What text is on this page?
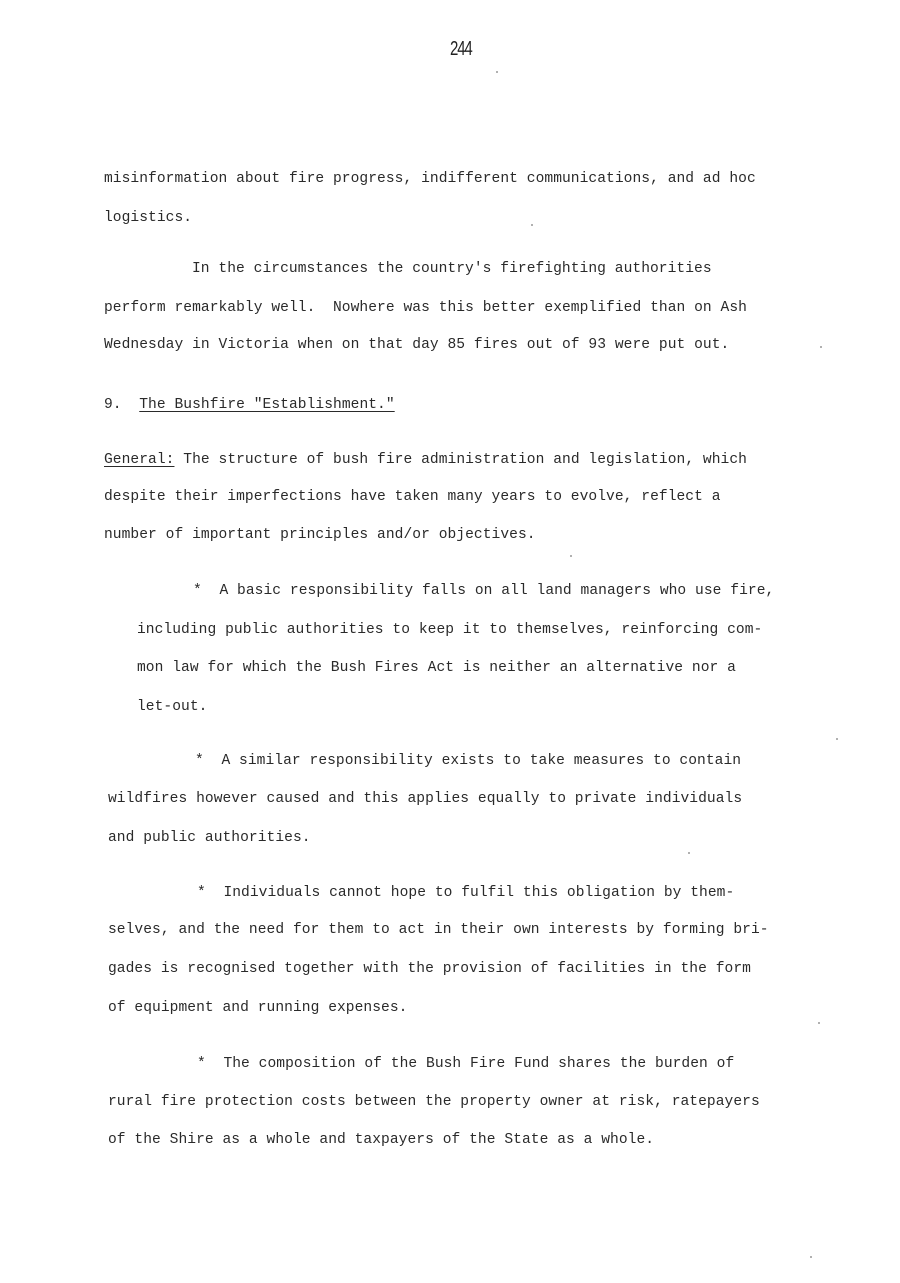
244
misinformation about fire progress, indifferent communications, and ad hoc
logistics.
In the circumstances the country's firefighting authorities
perform remarkably well.  Nowhere was this better exemplified than on Ash
Wednesday in Victoria when on that day 85 fires out of 93 were put out.
9. The Bushfire "Establishment."
General: The structure of bush fire administration and legislation, which
despite their imperfections have taken many years to evolve, reflect a
number of important principles and/or objectives.
* A basic responsibility falls on all land managers who use fire,
including public authorities to keep it to themselves, reinforcing com-
mon law for which the Bush Fires Act is neither an alternative nor a
let-out.
* A similar responsibility exists to take measures to contain
wildfires however caused and this applies equally to private individuals
and public authorities.
* Individuals cannot hope to fulfil this obligation by them-
selves, and the need for them to act in their own interests by forming bri-
gades is recognised together with the provision of facilities in the form
of equipment and running expenses.
* The composition of the Bush Fire Fund shares the burden of
rural fire protection costs between the property owner at risk, ratepayers
of the Shire as a whole and taxpayers of the State as a whole.
